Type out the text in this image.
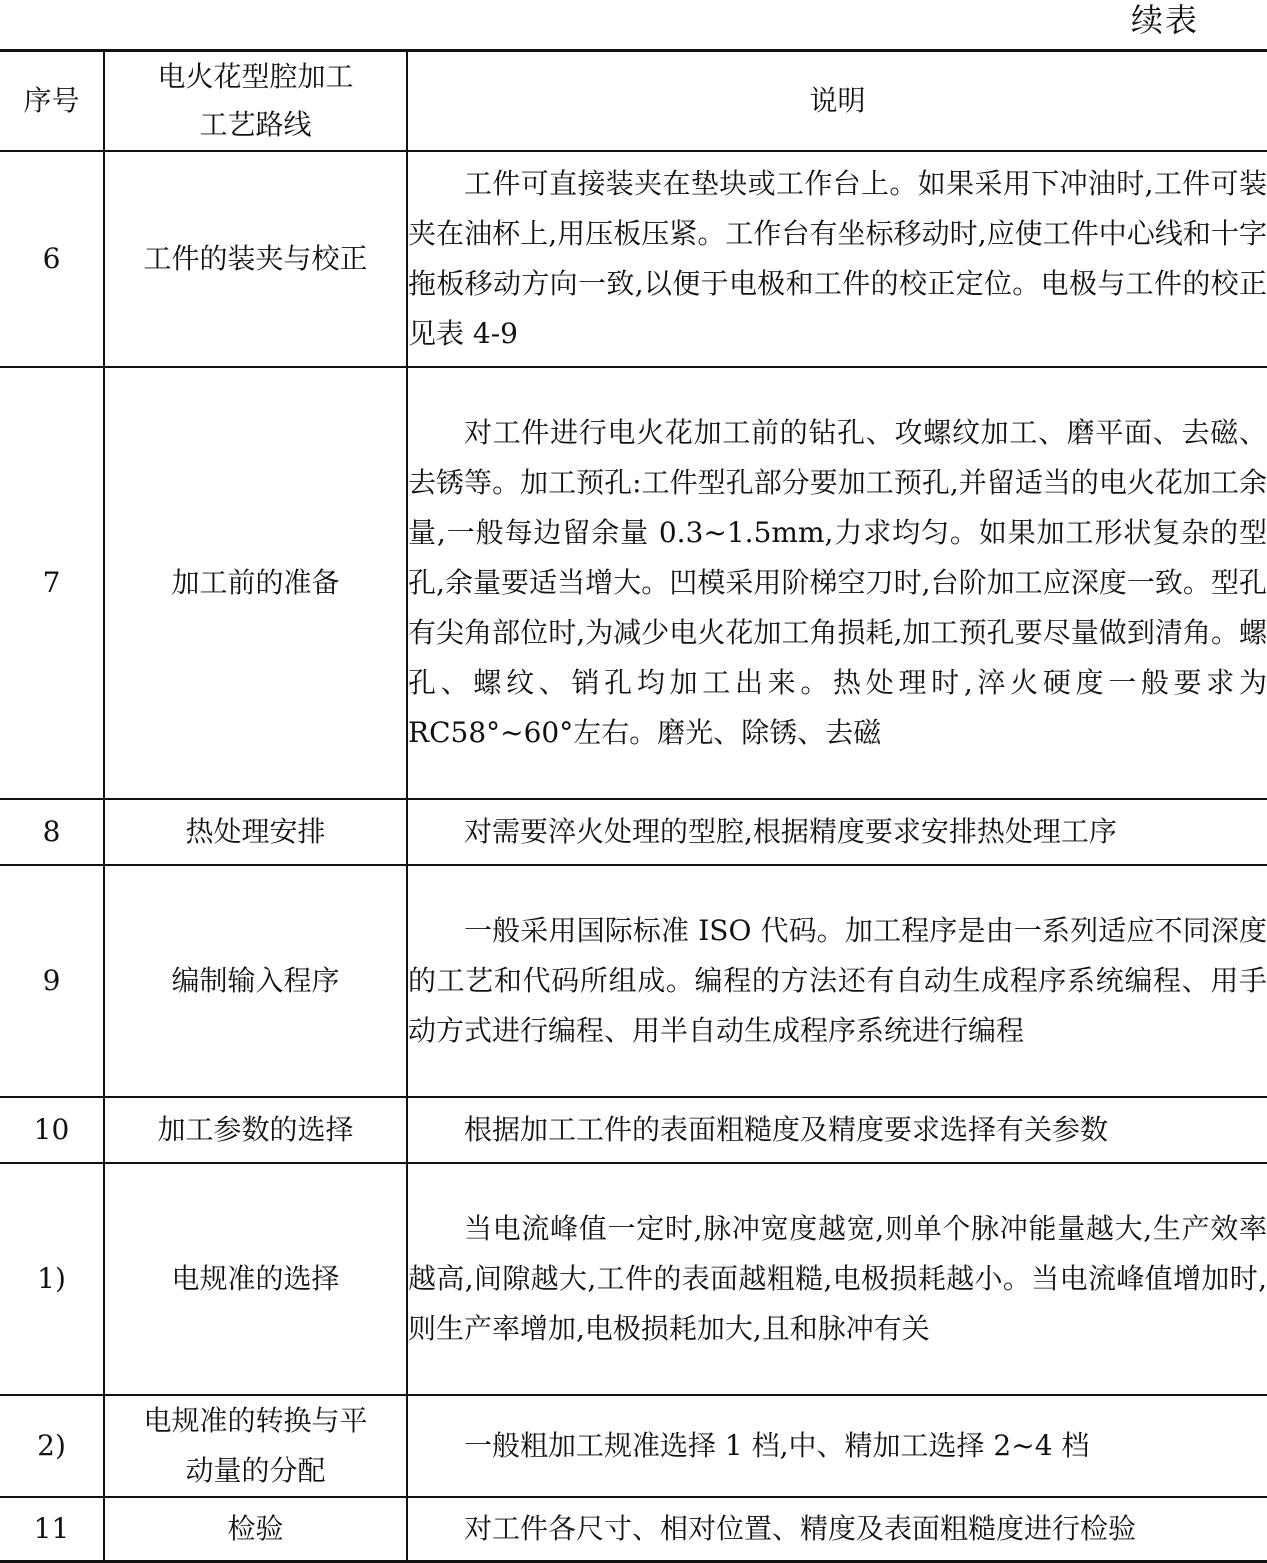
续表
序号	电火花型腔加工工艺路线	说明
6	工件的装夹与校正	工件可直接装夹在垫块或工作台上。如果采用下冲油时,工件可装夹在油杯上,用压板压紧。工作台有坐标移动时,应使工件中心线和十字拖板移动方向一致,以便于电极和工件的校正定位。电极与工件的校正见表 4-9

7	加工前的准备	对工件进行电火花加工前的钻孔、攻螺纹加工、磨平面、去磁、去锈等。加工预孔:工件型孔部分要加工预孔,并留适当的电火花加工余量,一般每边留余量 0.3~1.5mm,力求均匀。如果加工形状复杂的型孔,余量要适当增大。凹模采用阶梯空刀时,台阶加工应深度一致。型孔有尖角部位时,为减少电火花加工角损耗,加工预孔要尽量做到清角。螺孔、螺纹、销孔均加工出来。热处理时,淬火硬度一般要求为 RC58°~60°左右。磨光、除锈、去磁

8	热处理安排	对需要淬火处理的型腔,根据精度要求安排热处理工序

9	编制输入程序	一般采用国际标准 ISO 代码。加工程序是由一系列适应不同深度的工艺和代码所组成。编程的方法还有自动生成程序系统编程、用手动方式进行编程、用半自动生成程序系统进行编程

10	加工参数的选择	根据加工工件的表面粗糙度及精度要求选择有关参数

1)	电规准的选择	当电流峰值一定时,脉冲宽度越宽,则单个脉冲能量越大,生产效率越高,间隙越大,工件的表面越粗糙,电极损耗越小。当电流峰值增加时,则生产率增加,电极损耗加大,且和脉冲有关

2)	电规准的转换与平动量的分配	一般粗加工规准选择 1 档,中、精加工选择 2~4 档

11	检验	对工件各尺寸、相对位置、精度及表面粗糙度进行检验
